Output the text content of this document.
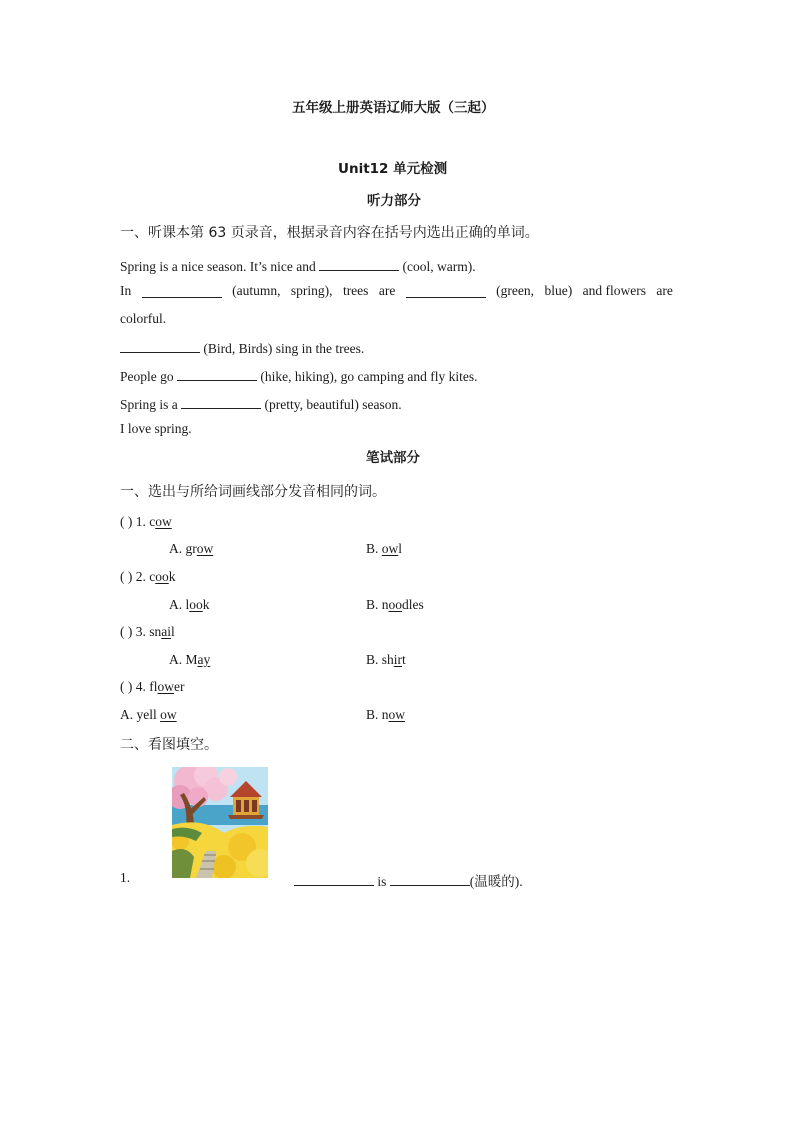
五年级上册英语辽师大版（三起）
Unit12 单元检测
听力部分
一、听课本第 63 页录音，根据录音内容在括号内选出正确的单词。
Spring is a nice season. It’s nice and	(cool, warm).
In	(autumn, spring), trees are	(green, blue) and flowers are
colorful.
(Bird, Birds) sing in the trees.
People go	(hike, hiking), go camping and fly kites.
Spring is a	(pretty, beautiful) season.
I love spring.
笔试部分
一、选出与所给词画线部分发音相同的词。
( ) 1. cow
A. grow	B. owl
( ) 2. cook
A. look	B. noodles
( ) 3. snail
A. May	B. shirt
( ) 4. flower
A. yell ow	B. now
二、看图填空。
1.	is	(温暖的).
